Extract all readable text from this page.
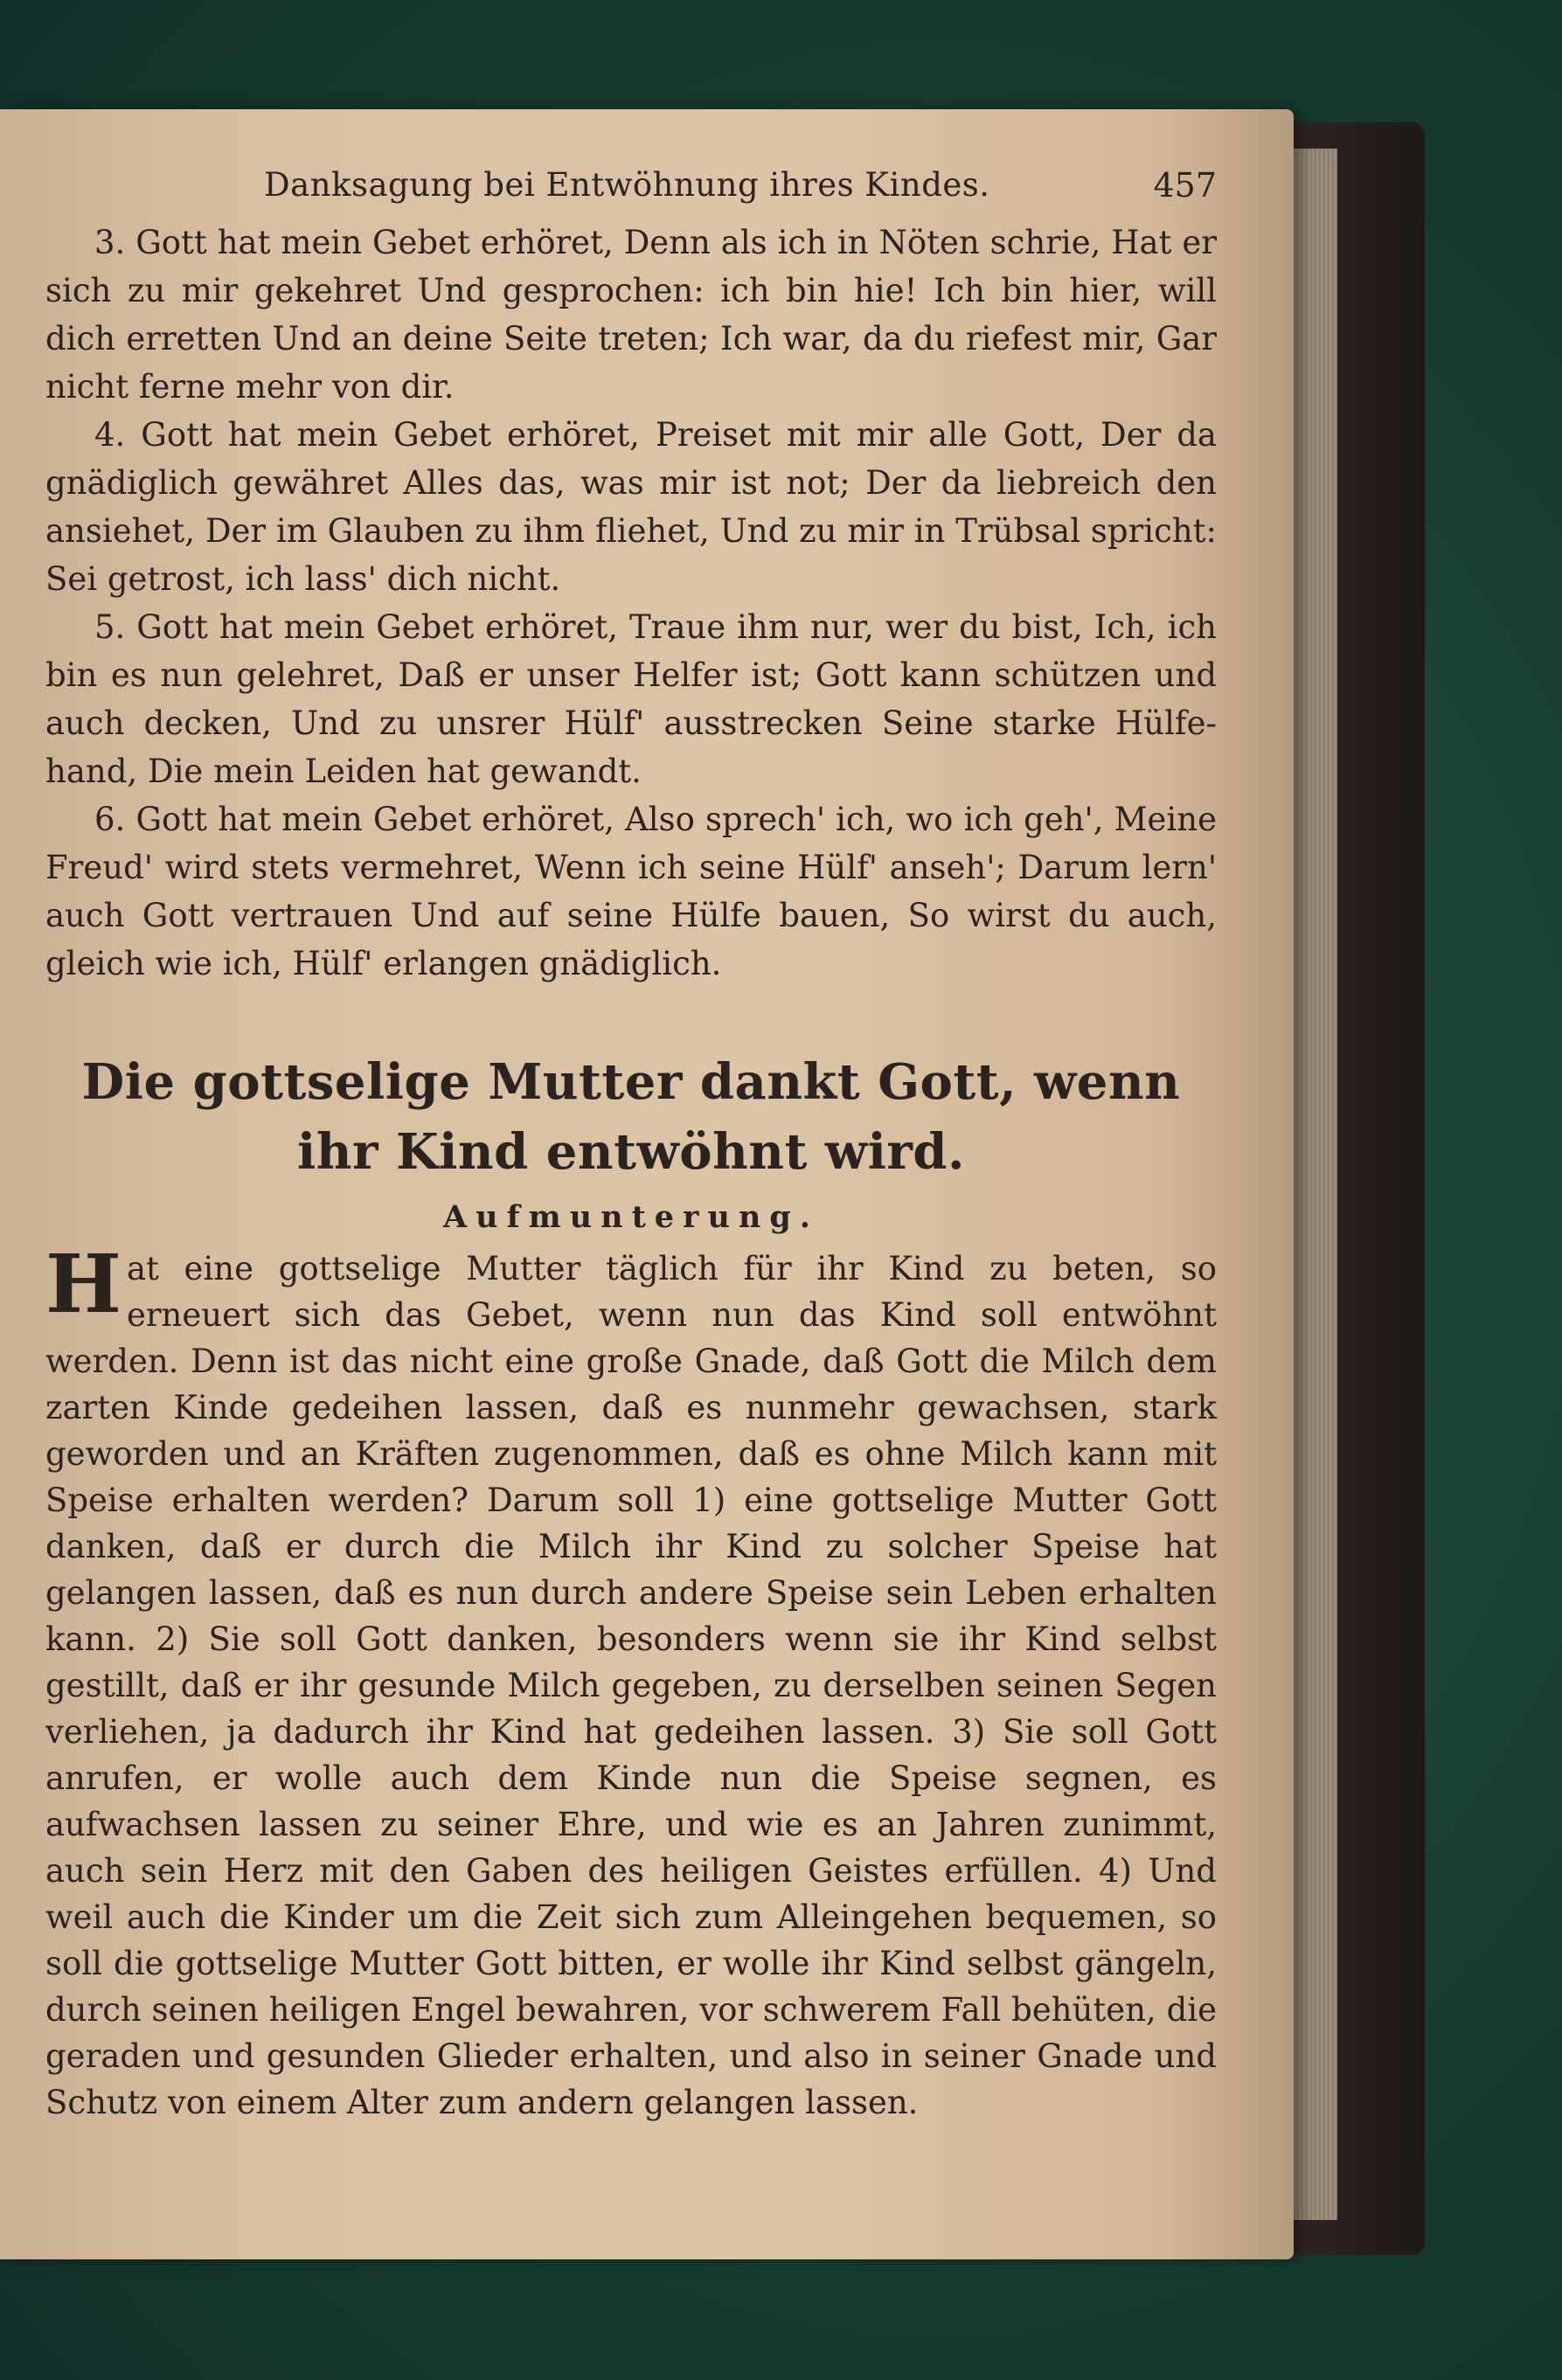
Danksagung bei Entwöhnung ihres Kindes.	457

3. Gott hat mein Gebet erhöret, Denn als ich in Nöten schrie, Hat er sich zu mir gekehret Und gesprochen: ich bin hie! Ich bin hier, will dich erretten Und an deine Seite treten; Ich war, da du riefest mir, Gar nicht ferne mehr von dir.

4. Gott hat mein Gebet erhöret, Preiset mit mir alle Gott, Der da gnädiglich gewähret Alles das, was mir ist not; Der da liebreich den ansiehet, Der im Glauben zu ihm fliehet, Und zu mir in Trübsal spricht: Sei getrost, ich lass' dich nicht.

5. Gott hat mein Gebet erhöret, Traue ihm nur, wer du bist, Ich, ich bin es nun gelehret, Daß er unser Helfer ist; Gott kann schützen und auch decken, Und zu unsrer Hülf' ausstrecken Seine starke Hülfe-hand, Die mein Leiden hat gewandt.

6. Gott hat mein Gebet erhöret, Also sprech' ich, wo ich geh', Meine Freud' wird stets vermehret, Wenn ich seine Hülf' anseh'; Darum lern' auch Gott vertrauen Und auf seine Hülfe bauen, So wirst du auch, gleich wie ich, Hülf' erlangen gnädiglich.

Die gottselige Mutter dankt Gott, wenn ihr Kind entwöhnt wird.
Aufmunterung.

Hat eine gottselige Mutter täglich für ihr Kind zu beten, so erneuert sich das Gebet, wenn nun das Kind soll entwöhnt werden. Denn ist das nicht eine große Gnade, daß Gott die Milch dem zarten Kinde gedeihen lassen, daß es nunmehr gewachsen, stark geworden und an Kräften zugenommen, daß es ohne Milch kann mit Speise erhalten werden? Darum soll 1) eine gottselige Mutter Gott danken, daß er durch die Milch ihr Kind zu solcher Speise hat gelangen lassen, daß es nun durch andere Speise sein Leben erhalten kann. 2) Sie soll Gott danken, besonders wenn sie ihr Kind selbst gestillt, daß er ihr gesunde Milch gegeben, zu derselben seinen Segen verliehen, ja dadurch ihr Kind hat gedeihen lassen. 3) Sie soll Gott anrufen, er wolle auch dem Kinde nun die Speise segnen, es aufwachsen lassen zu seiner Ehre, und wie es an Jahren zunimmt, auch sein Herz mit den Gaben des heiligen Geistes erfüllen. 4) Und weil auch die Kinder um die Zeit sich zum Alleingehen bequemen, so soll die gottselige Mutter Gott bitten, er wolle ihr Kind selbst gängeln, durch seinen heiligen Engel bewahren, vor schwerem Fall behüten, die geraden und gesunden Glieder erhalten, und also in seiner Gnade und Schutz von einem Alter zum andern gelangen lassen.
